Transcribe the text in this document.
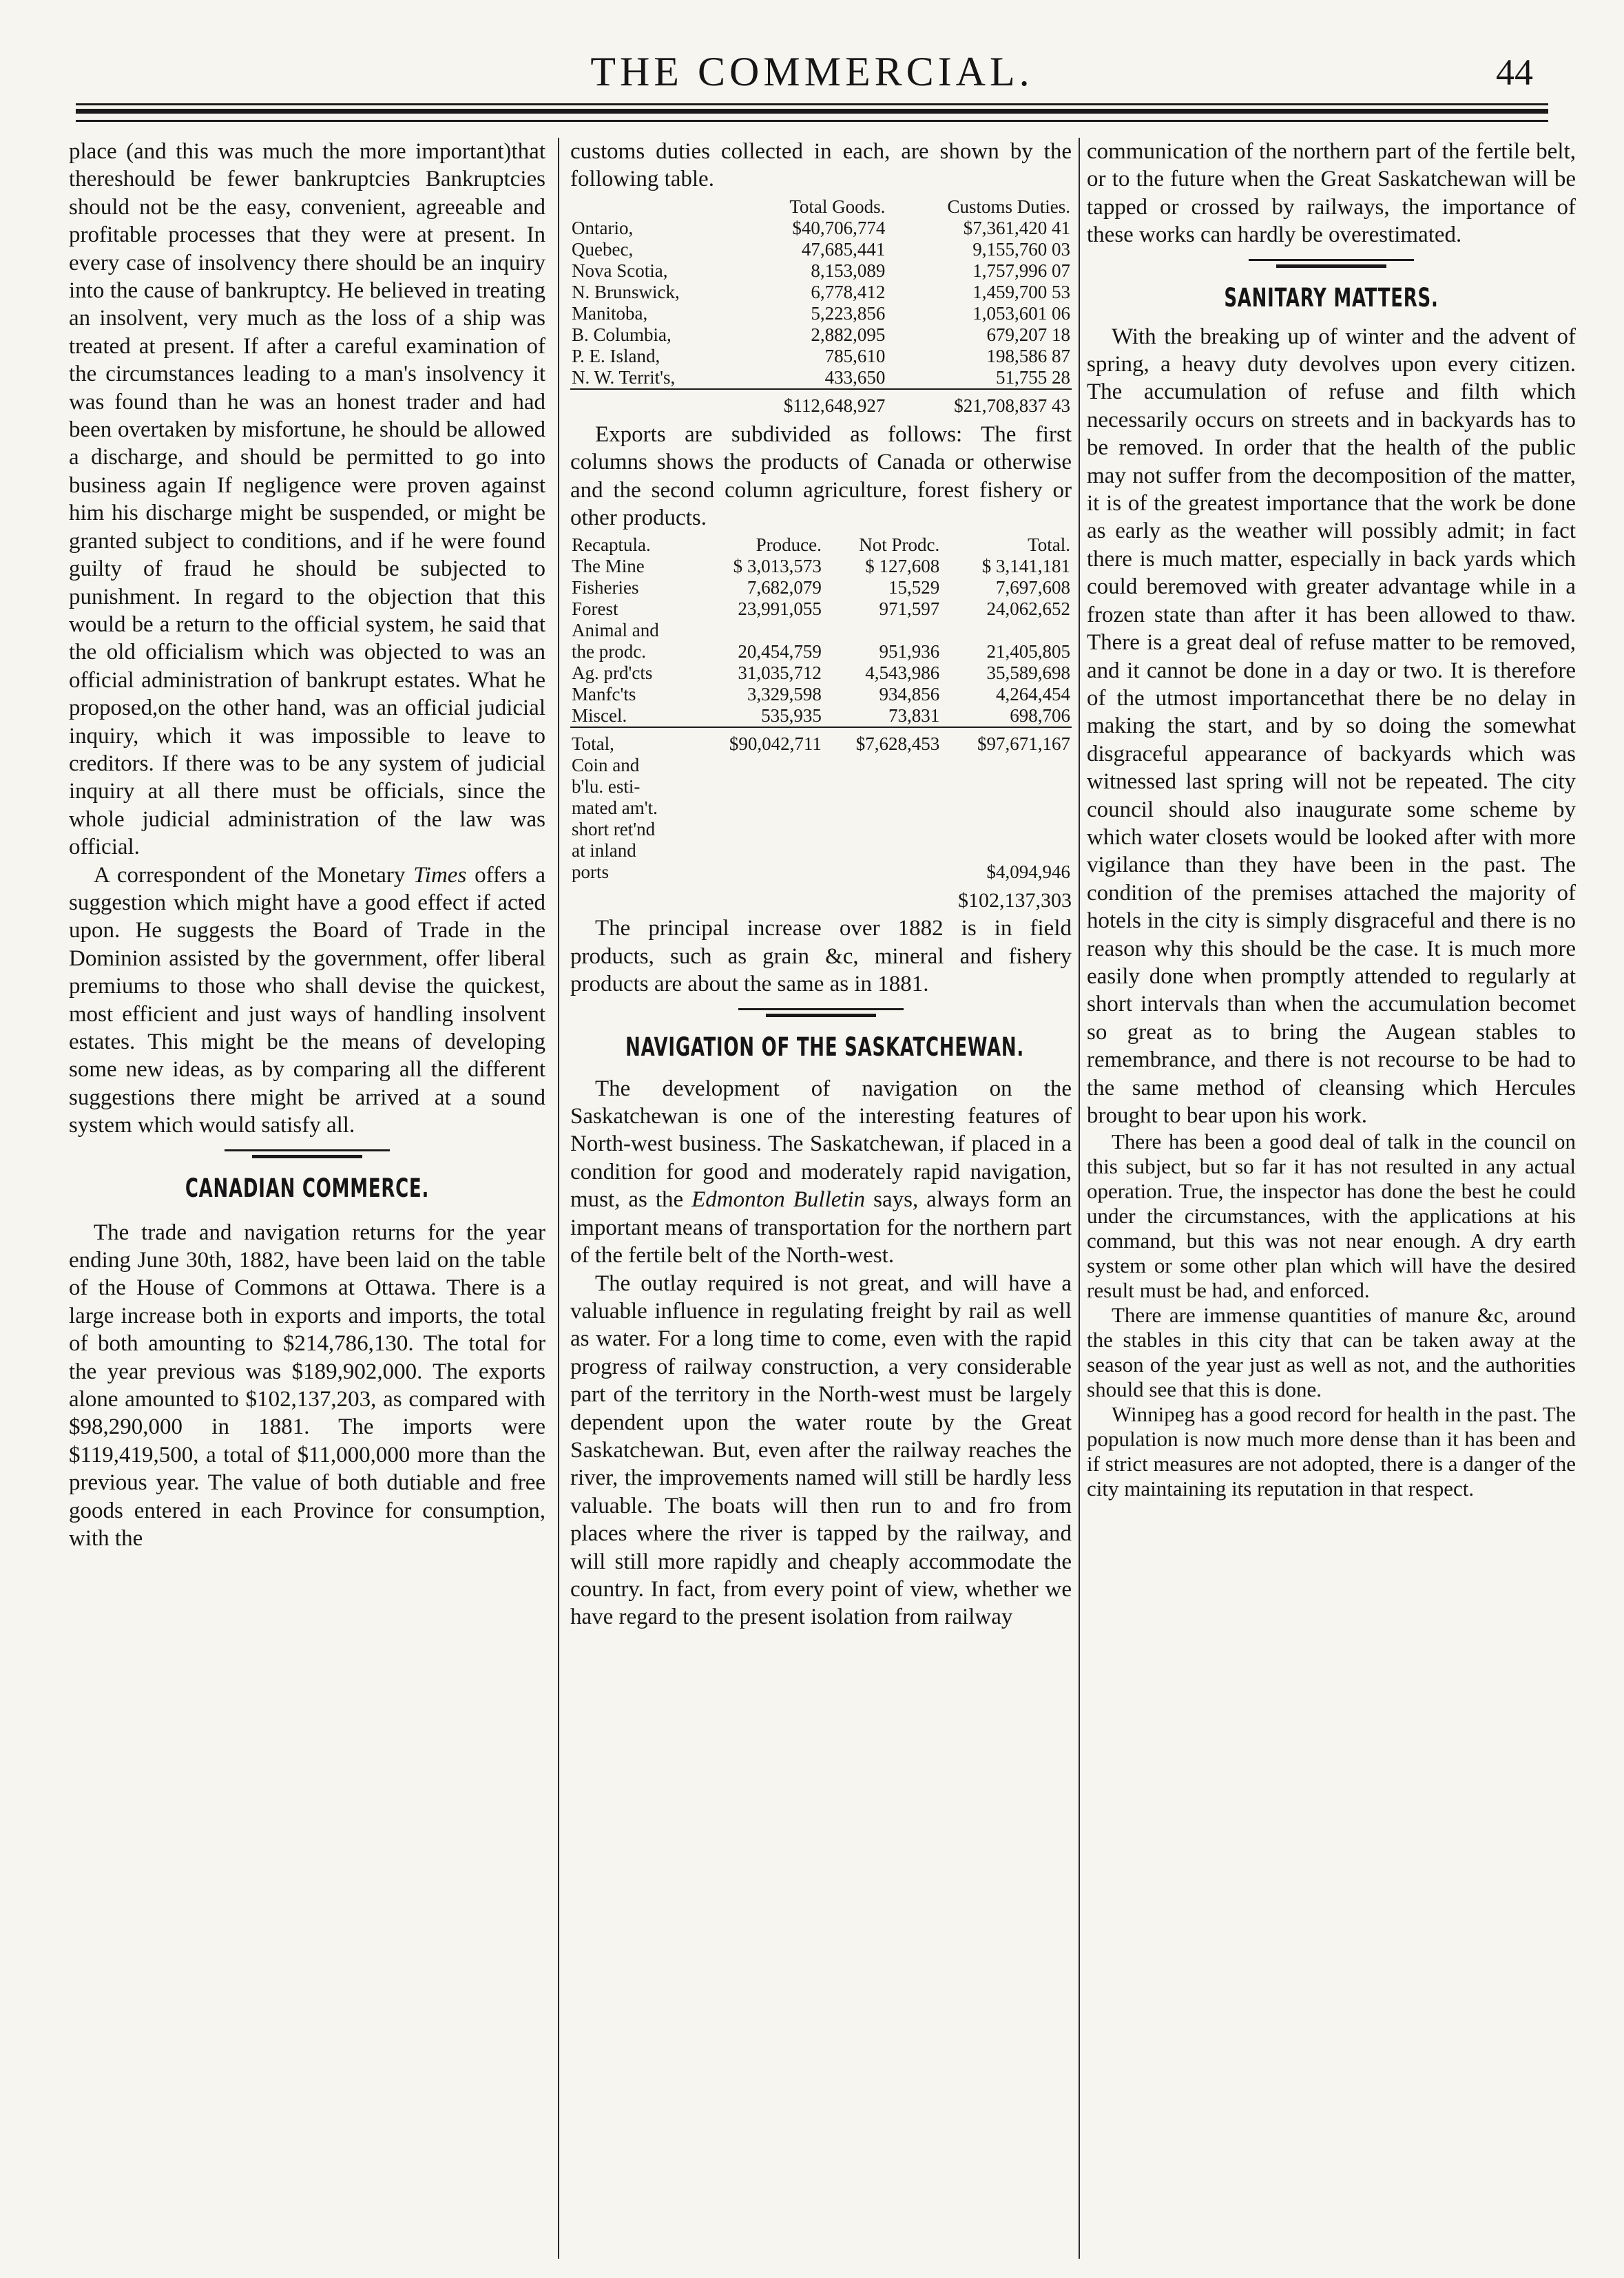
THE COMMERCIAL.	44

place (and this was much the more important)that thereshould be fewer bankruptcies Bankruptcies should not be the easy, convenient, agreeable and profitable processes that they were at present. In every case of insolvency there should be an inquiry into the cause of bankruptcy. He believed in treating an insolvent, very much as the loss of a ship was treated at present. If after a careful examination of the circumstances leading to a man's insolvency it was found than he was an honest trader and had been overtaken by misfortune, he should be allowed a discharge, and should be permitted to go into business again If negligence were proven against him his discharge might be suspended, or might be granted subject to conditions, and if he were found guilty of fraud he should be subjected to punishment. In regard to the objection that this would be a return to the official system, he said that the old officialism which was objected to was an official administration of bankrupt estates. What he proposed,on the other hand, was an official judicial inquiry, which it was impossible to leave to creditors. If there was to be any system of judicial inquiry at all there must be officials, since the whole judicial administration of the law was official.

A correspondent of the Monetary Times offers a suggestion which might have a good effect if acted upon. He suggests the Board of Trade in the Dominion assisted by the government, offer liberal premiums to those who shall devise the quickest, most efficient and just ways of handling insolvent estates. This might be the means of developing some new ideas, as by comparing all the different suggestions there might be arrived at a sound system which would satisfy all.

CANADIAN COMMERCE.

The trade and navigation returns for the year ending June 30th, 1882, have been laid on the table of the House of Commons at Ottawa. There is a large increase both in exports and imports, the total of both amounting to $214,786,130. The total for the year previous was $189,902,000. The exports alone amounted to $102,137,203, as compared with $98,290,000 in 1881. The imports were $119,419,500, a total of $11,000,000 more than the previous year. The value of both dutiable and free goods entered in each Province for consumption, with the

customs duties collected in each, are shown by the following table.

	Total Goods.	Customs Duties.
Ontario,	$40,706,774	$7,361,420 41
Quebec,	47,685,441	9,155,760 03
Nova Scotia,	8,153,089	1,757,996 07
N. Brunswick,	6,778,412	1,459,700 53
Manitoba,	5,223,856	1,053,601 06
B. Columbia,	2,882,095	679,207 18
P. E. Island,	785,610	198,586 87
N. W. Territ's,	433,650	51,755 28
	$112,648,927	$21,708,837 43

Exports are subdivided as follows: The first columns shows the products of Canada or otherwise and the second column agriculture, forest fishery or other products.

Recaptula.	Produce.	Not Prodc.	Total.
The Mine	$ 3,013,573	$ 127,608	$ 3,141,181
Fisheries	7,682,079	15,529	7,697,608
Forest	23,991,055	971,597	24,062,652
Animal and			
the prodc.	20,454,759	951,936	21,405,805
Ag. prd'cts	31,035,712	4,543,986	35,589,698
Manfc'ts	3,329,598	934,856	4,264,454
Miscel.	535,935	73,831	698,706
Total,	$90,042,711	$7,628,453	$97,671,167
Coin and			
b'lu. esti-			
mated am't.			
short ret'nd			
at inland			
ports			$4,094,946
$102,137,303

The principal increase over 1882 is in field products, such as grain &c, mineral and fishery products are about the same as in 1881.

NAVIGATION OF THE SASKATCHEWAN.

The development of navigation on the Saskatchewan is one of the interesting features of North-west business. The Saskatchewan, if placed in a condition for good and moderately rapid navigation, must, as the Edmonton Bulletin says, always form an important means of transportation for the northern part of the fertile belt of the North-west.

The outlay required is not great, and will have a valuable influence in regulating freight by rail as well as water. For a long time to come, even with the rapid progress of railway construction, a very considerable part of the territory in the North-west must be largely dependent upon the water route by the Great Saskatchewan. But, even after the railway reaches the river, the improvements named will still be hardly less valuable. The boats will then run to and fro from places where the river is tapped by the railway, and will still more rapidly and cheaply accommodate the country. In fact, from every point of view, whether we have regard to the present isolation from railway

communication of the northern part of the fertile belt, or to the future when the Great Saskatchewan will be tapped or crossed by railways, the importance of these works can hardly be overestimated.

SANITARY MATTERS.

With the breaking up of winter and the advent of spring, a heavy duty devolves upon every citizen. The accumulation of refuse and filth which necessarily occurs on streets and in backyards has to be removed. In order that the health of the public may not suffer from the decomposition of the matter, it is of the greatest importance that the work be done as early as the weather will possibly admit; in fact there is much matter, especially in back yards which could beremoved with greater advantage while in a frozen state than after it has been allowed to thaw. There is a great deal of refuse matter to be removed, and it cannot be done in a day or two. It is therefore of the utmost importancethat there be no delay in making the start, and by so doing the somewhat disgraceful appearance of backyards which was witnessed last spring will not be repeated. The city council should also inaugurate some scheme by which water closets would be looked after with more vigilance than they have been in the past. The condition of the premises attached the majority of hotels in the city is simply disgraceful and there is no reason why this should be the case. It is much more easily done when promptly attended to regularly at short intervals than when the accumulation becomet so great as to bring the Augean stables to remembrance, and there is not recourse to be had to the same method of cleansing which Hercules brought to bear upon his work.

There has been a good deal of talk in the council on this subject, but so far it has not resulted in any actual operation. True, the inspector has done the best he could under the circumstances, with the applications at his command, but this was not near enough. A dry earth system or some other plan which will have the desired result must be had, and enforced.

There are immense quantities of manure &c, around the stables in this city that can be taken away at the season of the year just as well as not, and the authorities should see that this is done.

Winnipeg has a good record for health in the past. The population is now much more dense than it has been and if strict measures are not adopted, there is a danger of the city maintaining its reputation in that respect.
